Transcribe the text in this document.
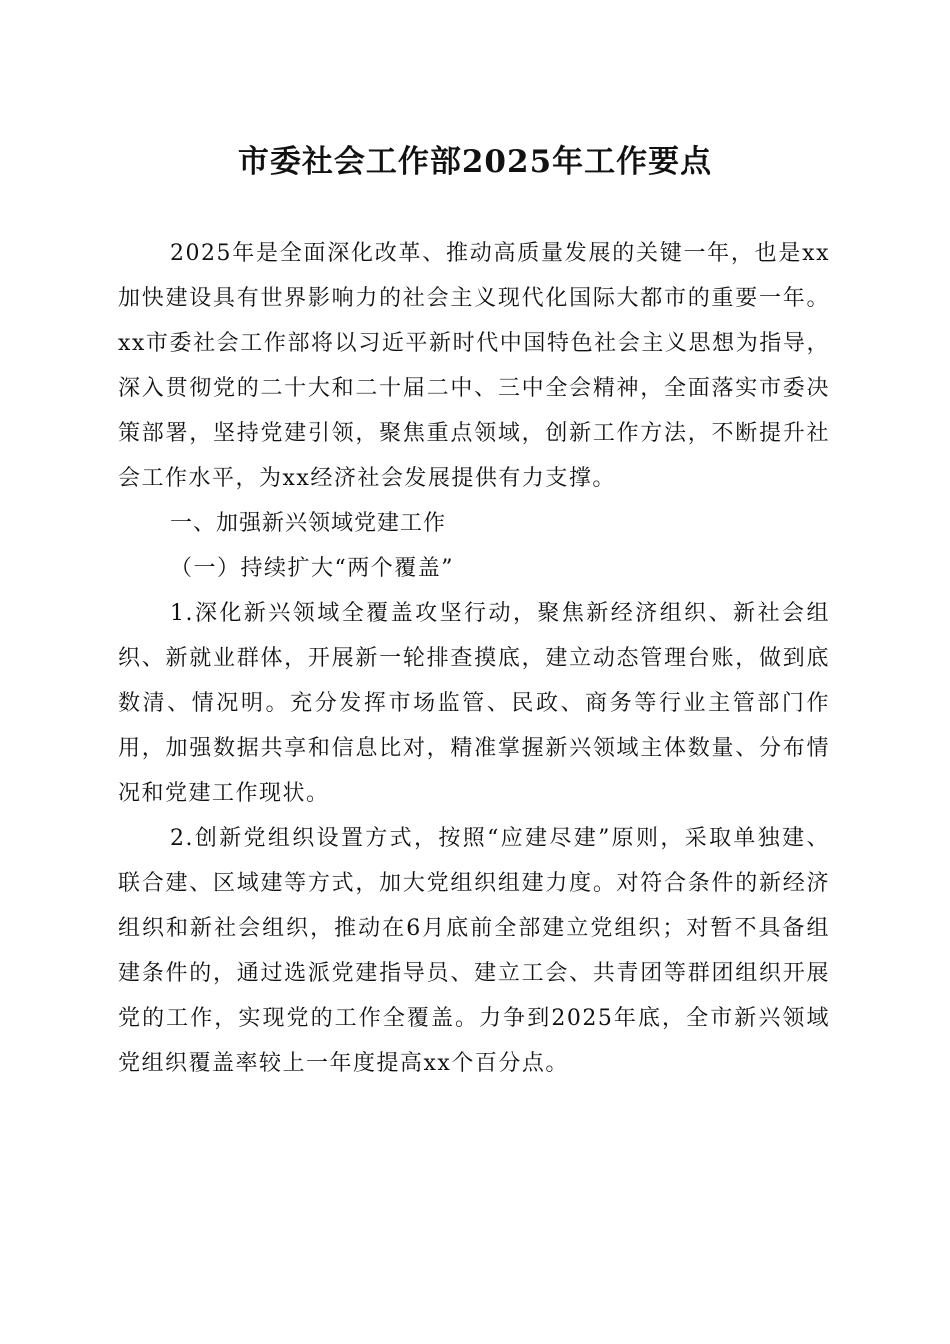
市委社会工作部2025年工作要点

2025年是全面深化改革、推动高质量发展的关键一年，也是xx加快建设具有世界影响力的社会主义现代化国际大都市的重要一年。xx市委社会工作部将以习近平新时代中国特色社会主义思想为指导，深入贯彻党的二十大和二十届二中、三中全会精神，全面落实市委决策部署，坚持党建引领，聚焦重点领域，创新工作方法，不断提升社会工作水平，为xx经济社会发展提供有力支撑。

一、加强新兴领域党建工作

（一）持续扩大“两个覆盖”

1.深化新兴领域全覆盖攻坚行动，聚焦新经济组织、新社会组织、新就业群体，开展新一轮排查摸底，建立动态管理台账，做到底数清、情况明。充分发挥市场监管、民政、商务等行业主管部门作用，加强数据共享和信息比对，精准掌握新兴领域主体数量、分布情况和党建工作现状。

2.创新党组织设置方式，按照“应建尽建”原则，采取单独建、联合建、区域建等方式，加大党组织组建力度。对符合条件的新经济组织和新社会组织，推动在6月底前全部建立党组织；对暂不具备组建条件的，通过选派党建指导员、建立工会、共青团等群团组织开展党的工作，实现党的工作全覆盖。力争到2025年底，全市新兴领域党组织覆盖率较上一年度提高xx个百分点。
